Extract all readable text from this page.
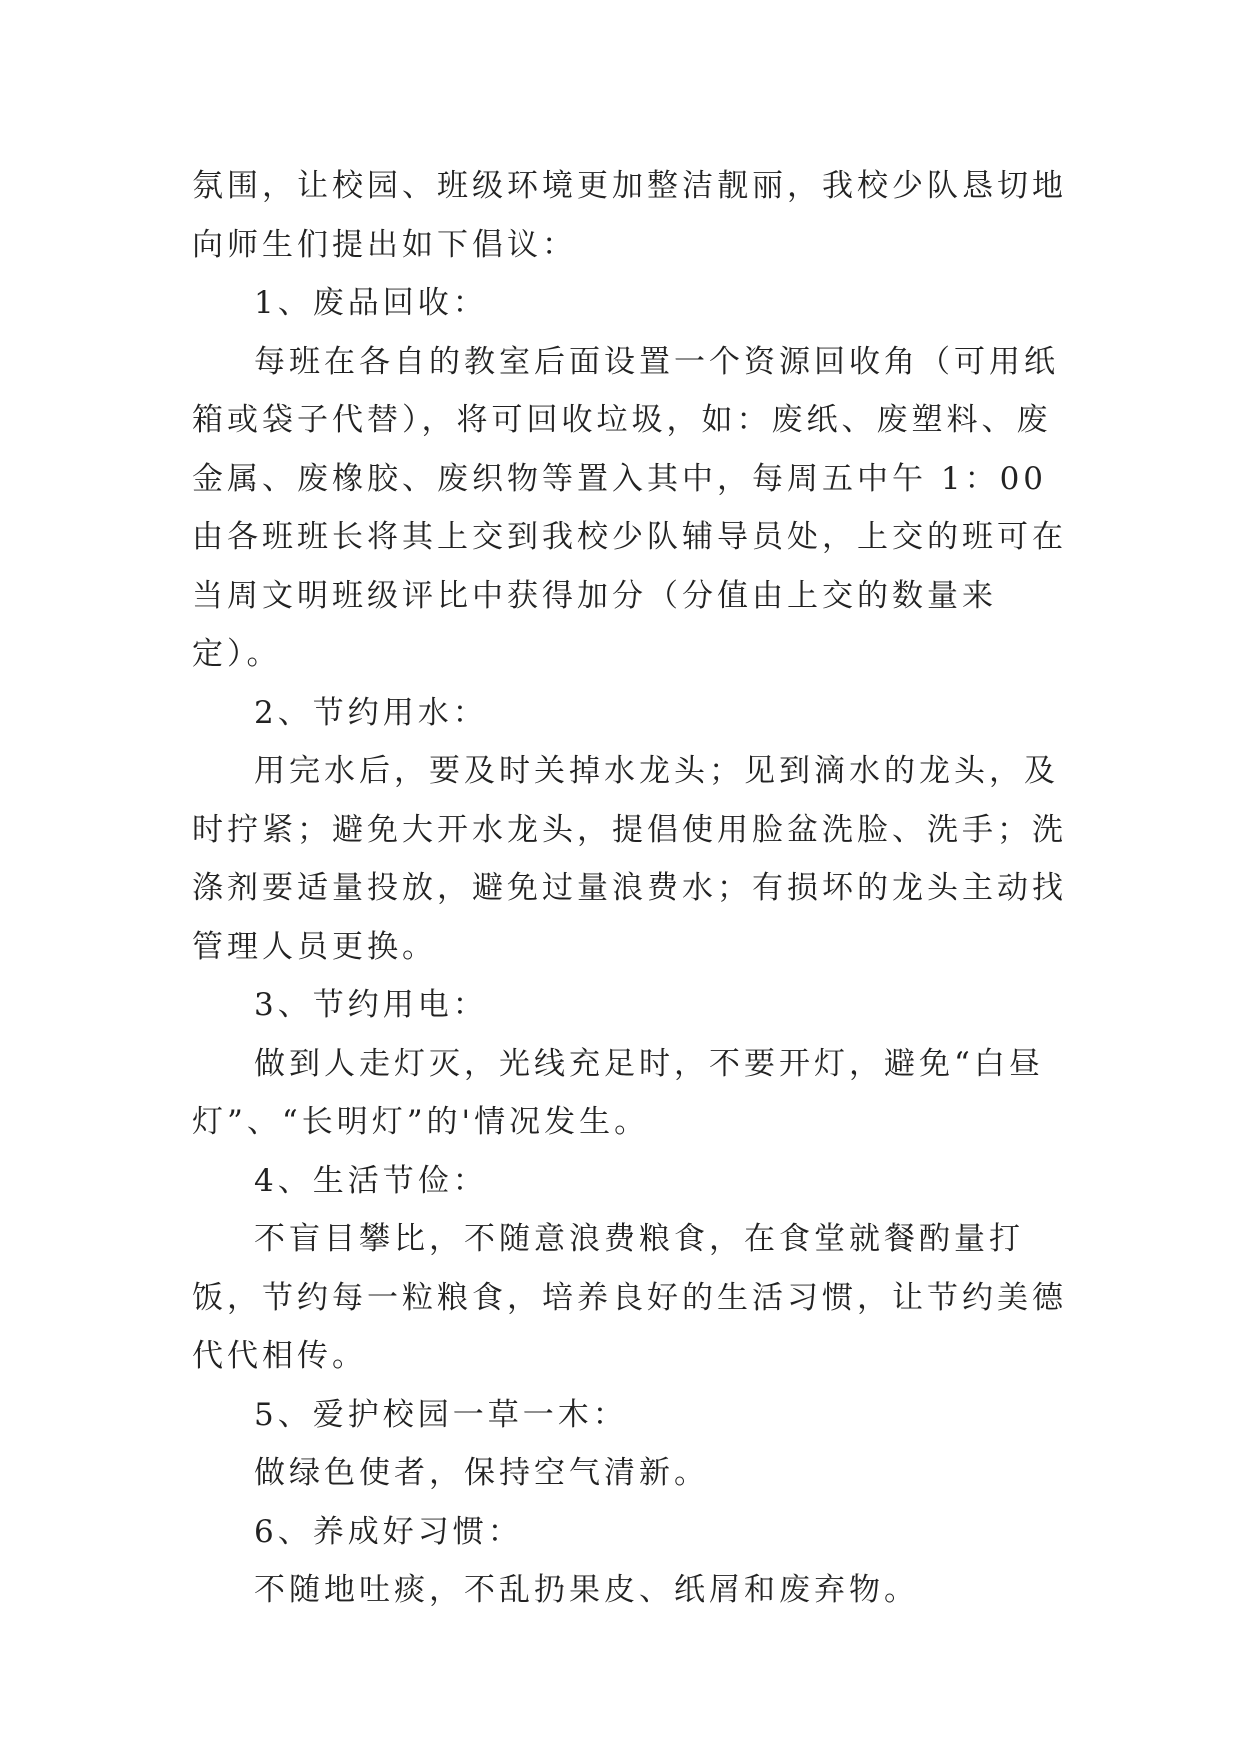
氛围，让校园、班级环境更加整洁靓丽，我校少队恳切地向师生们提出如下倡议：

1、废品回收：

每班在各自的教室后面设置一个资源回收角（可用纸箱或袋子代替），将可回收垃圾，如：废纸、废塑料、废金属、废橡胶、废织物等置入其中，每周五中午 1：00 由各班班长将其上交到我校少队辅导员处，上交的班可在当周文明班级评比中获得加分（分值由上交的数量来定）。

2、节约用水：

用完水后，要及时关掉水龙头；见到滴水的龙头，及时拧紧；避免大开水龙头，提倡使用脸盆洗脸、洗手；洗涤剂要适量投放，避免过量浪费水；有损坏的龙头主动找管理人员更换。

3、节约用电：

做到人走灯灭，光线充足时，不要开灯，避免“白昼灯”、“长明灯”的'情况发生。

4、生活节俭：

不盲目攀比，不随意浪费粮食，在食堂就餐酌量打饭，节约每一粒粮食，培养良好的生活习惯，让节约美德代代相传。

5、爱护校园一草一木：

做绿色使者，保持空气清新。

6、养成好习惯：

不随地吐痰，不乱扔果皮、纸屑和废弃物。
